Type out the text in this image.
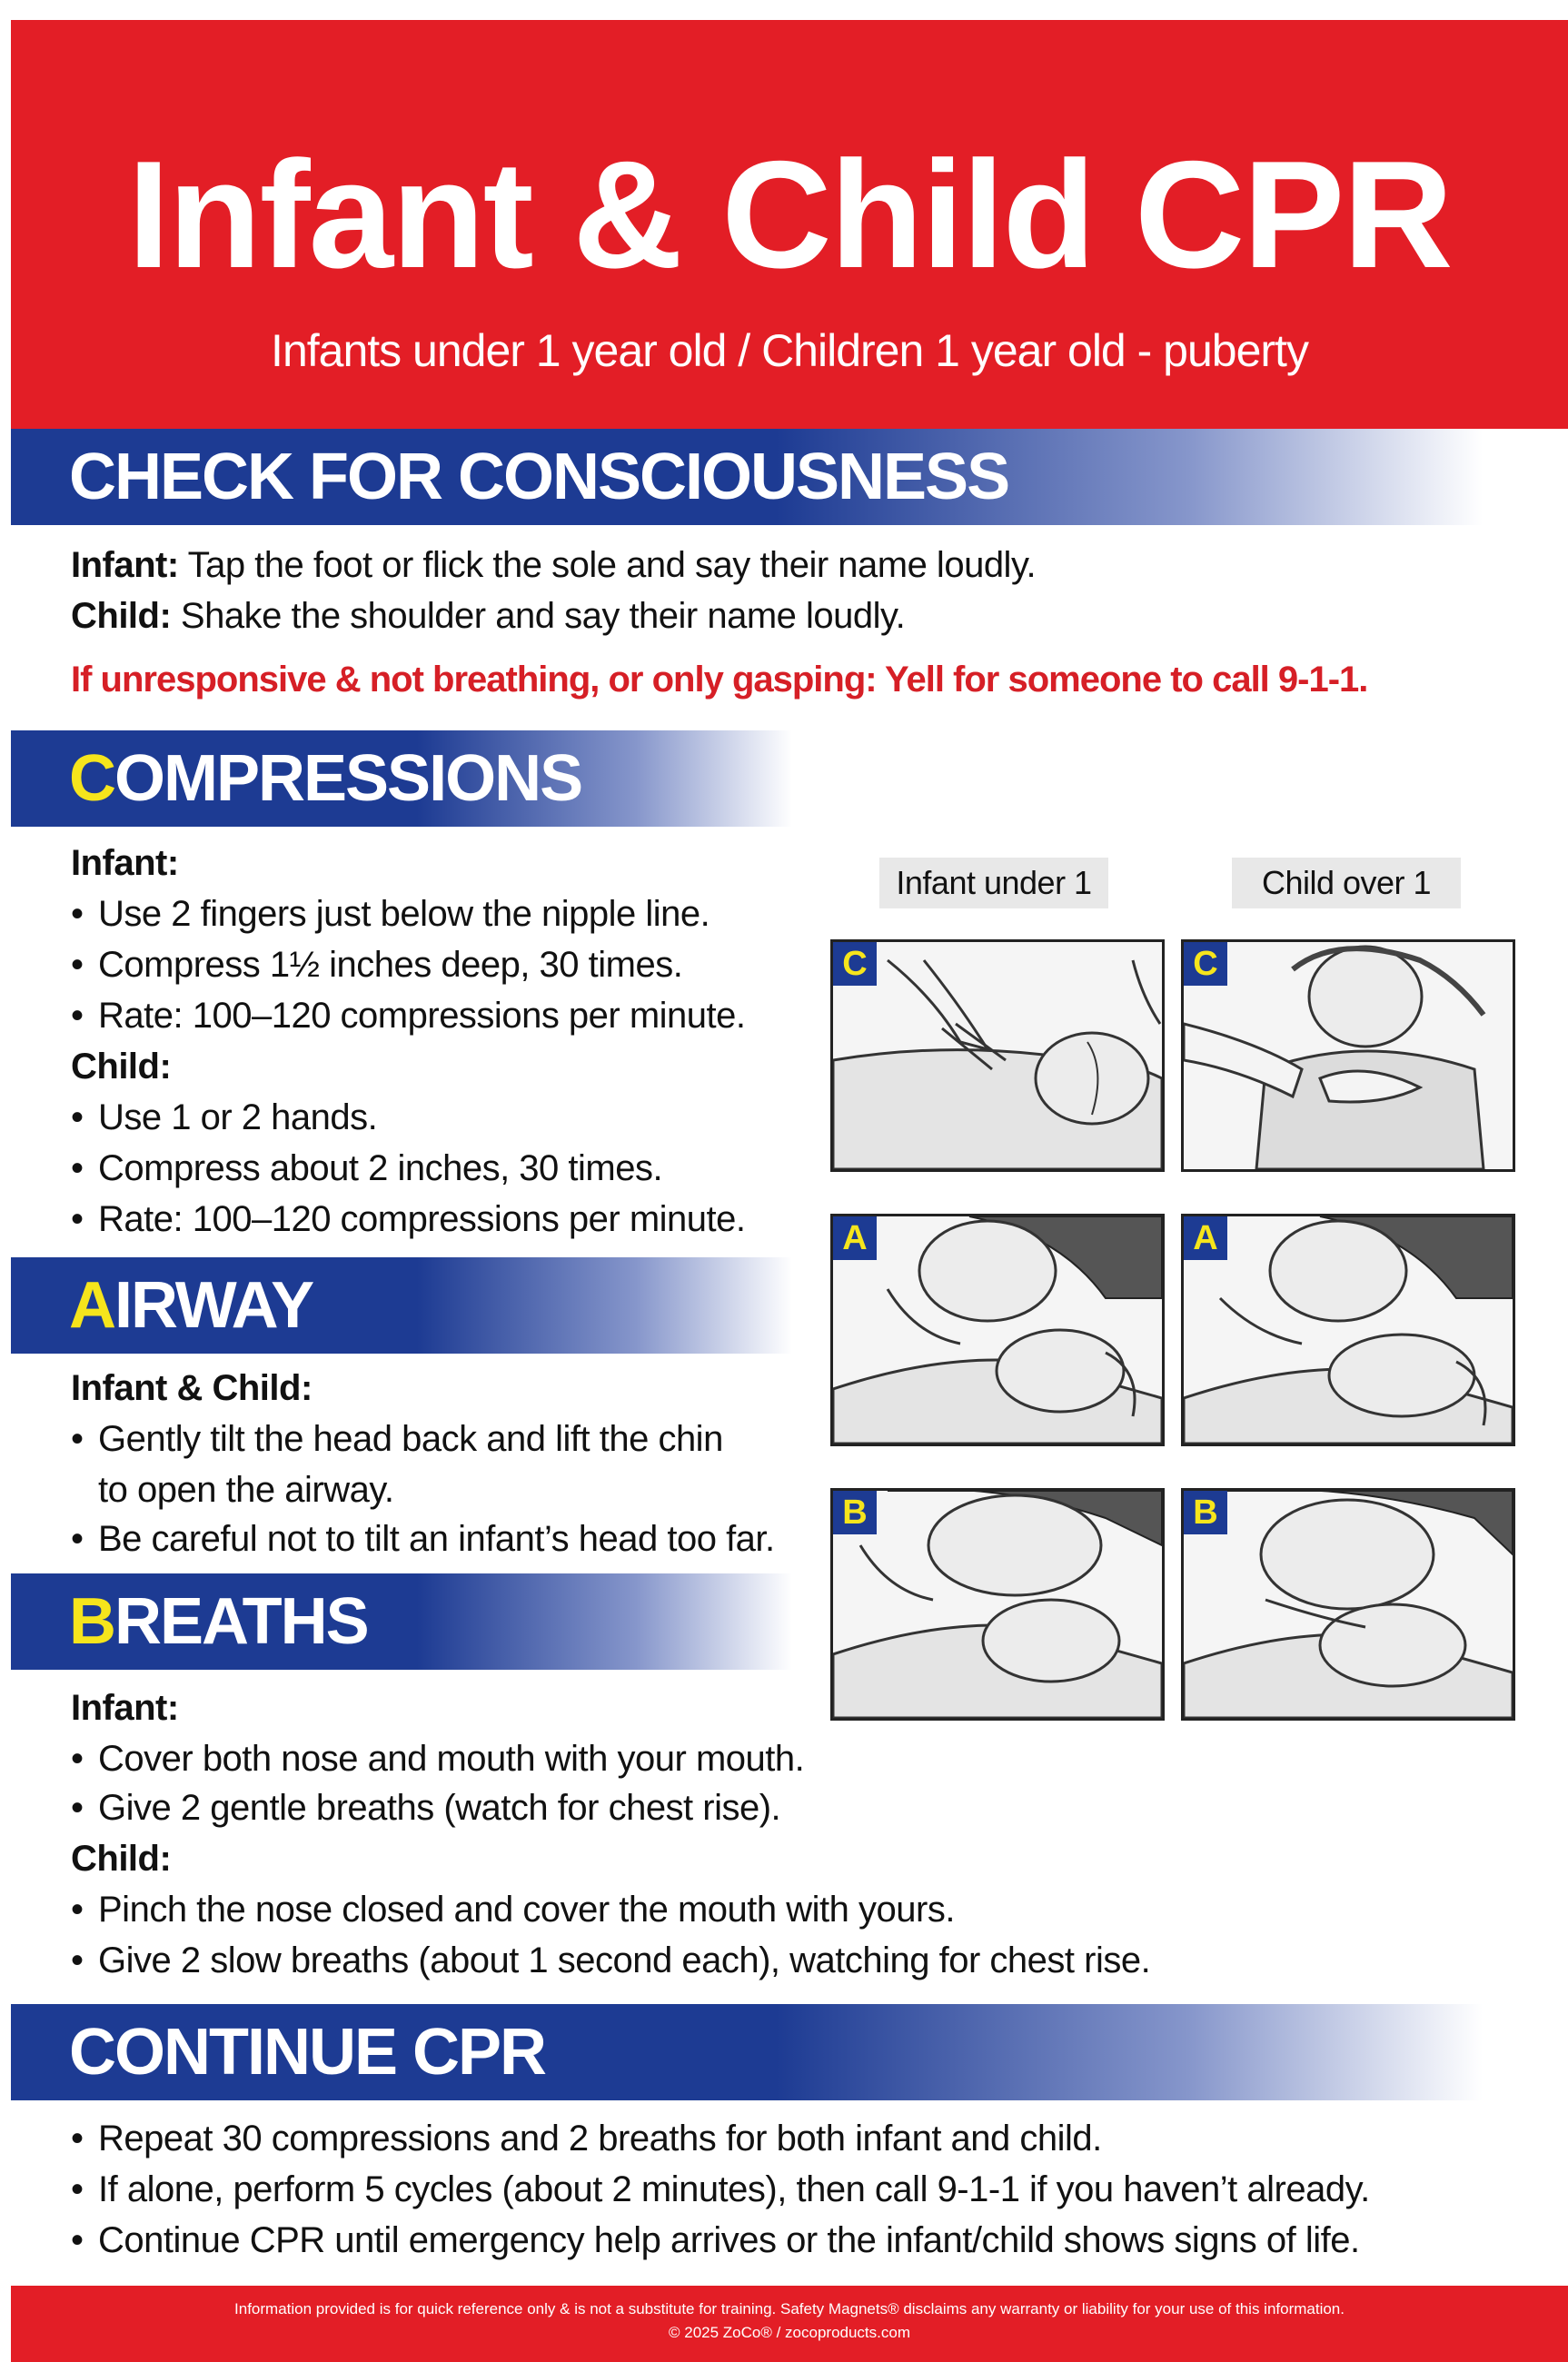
Infant & Child CPR
Infants under 1 year old / Children 1 year old - puberty
CHECK FOR CONSCIOUSNESS
Infant: Tap the foot or flick the sole and say their name loudly.
Child: Shake the shoulder and say their name loudly.
If unresponsive & not breathing, or only gasping: Yell for someone to call 9-1-1.
COMPRESSIONS
Infant:
• Use 2 fingers just below the nipple line.
• Compress 1½ inches deep, 30 times.
• Rate: 100–120 compressions per minute.
Child:
• Use 1 or 2 hands.
• Compress about 2 inches, 30 times.
• Rate: 100–120 compressions per minute.
AIRWAY
Infant & Child:
• Gently tilt the head back and lift the chin
to open the airway.
• Be careful not to tilt an infant’s head too far.
BREATHS
Infant:
• Cover both nose and mouth with your mouth.
• Give 2 gentle breaths (watch for chest rise).
Child:
• Pinch the nose closed and cover the mouth with yours.
• Give 2 slow breaths (about 1 second each), watching for chest rise.
CONTINUE CPR
• Repeat 30 compressions and 2 breaths for both infant and child.
• If alone, perform 5 cycles (about 2 minutes), then call 9-1-1 if you haven’t already.
• Continue CPR until emergency help arrives or the infant/child shows signs of life.
Infant under 1	Child over 1
C	C
A	A
B	B
Information provided is for quick reference only & is not a substitute for training. Safety Magnets® disclaims any warranty or liability for your use of this information.
© 2025 ZoCo® / zocoproducts.com
